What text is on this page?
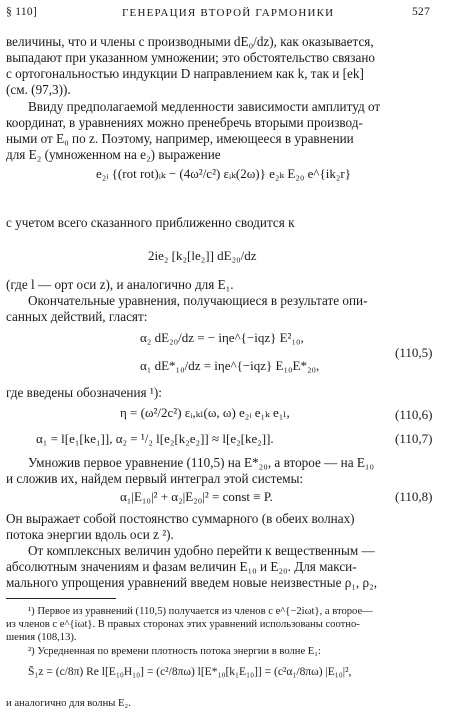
§ 110]	ГЕНЕРАЦИЯ ВТОРОЙ ГАРМОНИКИ	527
величины, что и члены с производными dE₀/dz), как оказывается,
выпадают при указанном умножении; это обстоятельство связано
с ортогональностью индукции D направлением как k, так и [ek]
(см. (97,3)).
Ввиду предполагаемой медленности зависимости амплитуд от
координат, в уравнениях можно пренебречь вторыми производ-
ными от E₀ по z. Поэтому, например, имеющееся в уравнении
для E₂ (умноженном на e₂) выражение
e₂ᵢ {(rot rot)ᵢₖ − (4ω²/c²) εᵢₖ(2ω)} e₂ₖ E₂₀ e^{ik₂r}
с учетом всего сказанного приближенно сводится к
2ie₂ [k₂[le₂]] dE₂₀/dz
(где l — орт оси z), и аналогично для E₁.
Окончательные уравнения, получающиеся в результате опи-
санных действий, гласят:
α₂ dE₂₀/dz = − iηe^{−iqz} E²₁₀,
α₁ dE*₁₀/dz = iηe^{−iqz} E₁₀E*₂₀,
(110,5)
где введены обозначения ¹):
η = (ω²/2c²) εᵢ,ₖₗ(ω, ω) e₂ᵢ e₁ₖ e₁ₗ,	(110,6)
α₁ = l[e₁[ke₁]], α₂ = ¹/₂ l[e₂[k₂e₂]] ≈ l[e₂[ke₂]].	(110,7)
Умножив первое уравнение (110,5) на E*₂₀, а второе — на E₁₀
и сложив их, найдем первый интеграл этой системы:
α₁|E₁₀|² + α₂|E₂₀|² = const ≡ P.	(110,8)
Он выражает собой постоянство суммарного (в обеих волнах)
потока энергии вдоль оси z ²).
От комплексных величин удобно перейти к вещественным —
абсолютным значениям и фазам величин E₁₀ и E₂₀. Для макси-
мального упрощения уравнений введем новые неизвестные ρ₁, ρ₂,
¹) Первое из уравнений (110,5) получается из членов с e^{−2iωt}, а второе—
из членов с e^{iωt}. В правых сторонах этих уравнений использованы соотно-
шения (108,13).
²) Усредненная по времени плотность потока энергии в волне E₁:
S̄₁z = (c/8π) Re l[E₁₀H₁₀] = (c²/8πω) l[E*₁₀[k₁E₁₀]] = (c²α₁/8πω) |E₁₀|²,
и аналогично для волны E₂.
